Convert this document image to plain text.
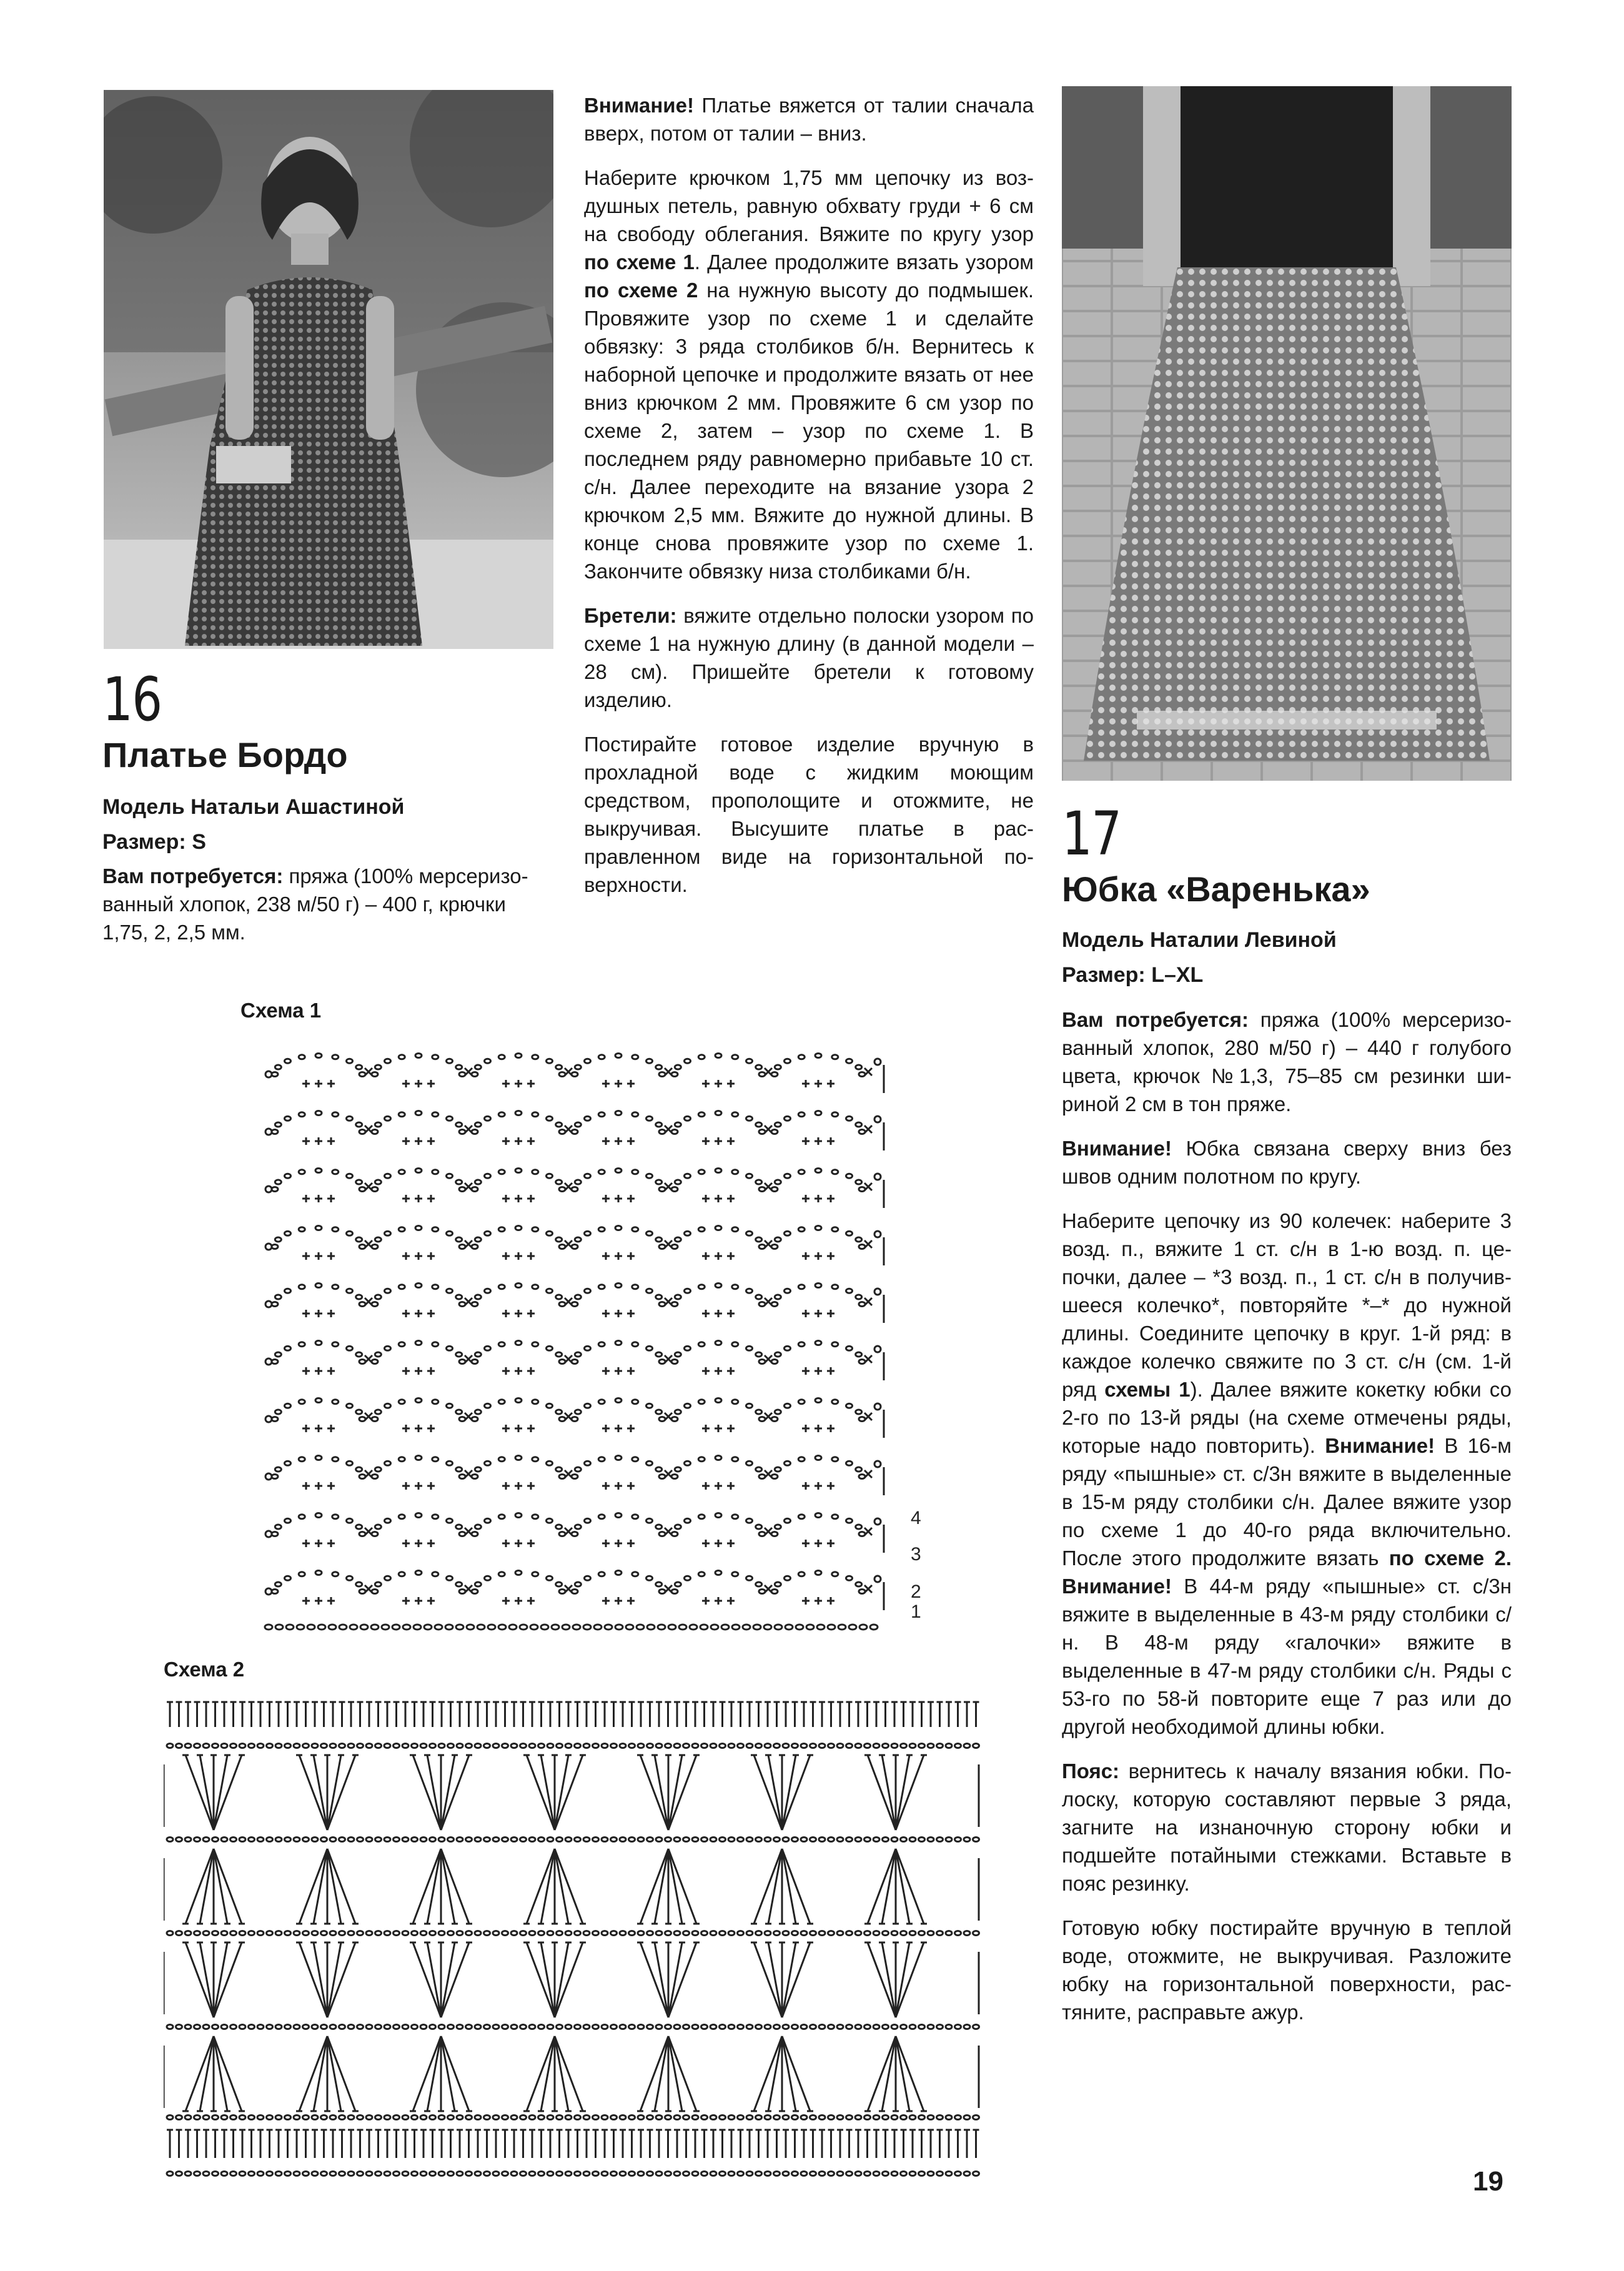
16
Платье Бордо
Модель Натальи Ашастиной
Размер: S
Вам потребуется: пряжа (100% мерсеризованный хлопок, 238 м/50 г) – 400 г, крючки 1,75, 2, 2,5 мм.

Внимание! Платье вяжется от талии сначала вверх, потом от талии – вниз.

Наберите крючком 1,75 мм цепочку из воздушных петель, равную обхвату груди + 6 см на свободу облегания. Вяжите по кругу узор по схеме 1. Далее продолжите вязать узором по схеме 2 на нужную высоту до подмышек. Провяжите узор по схеме 1 и сделайте обвязку: 3 ряда столбиков б/н. Вернитесь к наборной цепочке и продолжите вязать от нее вниз крючком 2 мм. Провяжите 6 см узор по схеме 2, затем – узор по схеме 1. В последнем ряду равномерно прибавьте 10 ст. с/н. Далее переходите на вязание узора 2 крючком 2,5 мм. Вяжите до нужной длины. В конце снова провяжите узор по схеме 1. Закончите обвязку низа столбиками б/н.

Бретели: вяжите отдельно полоски узором по схеме 1 на нужную длину (в данной модели – 28 см). Пришейте бретели к готовому изделию.

Постирайте готовое изделие вручную в прохладной воде с жидким моющим средством, прополощите и отожмите, не выкручивая. Высушите платье в расправленном виде на горизонтальной поверхности.

17
Юбка «Варенька»
Модель Наталии Левиной
Размер: L–XL

Вам потребуется: пряжа (100% мерсеризованный хлопок, 280 м/50 г) – 440 г голубого цвета, крючок №1,3, 75–85 см резинки шириной 2 см в тон пряже.

Внимание! Юбка связана сверху вниз без швов одним полотном по кругу.

Наберите цепочку из 90 колечек: наберите 3 возд. п., вяжите 1 ст. с/н в 1-ю возд. п. цепочки, далее – *3 возд. п., 1 ст. с/н в получившееся колечко*, повторяйте *–* до нужной длины. Соедините цепочку в круг. 1-й ряд: в каждое колечко свяжите по 3 ст. с/н (см. 1-й ряд схемы 1). Далее вяжите кокетку юбки со 2-го по 13-й ряды (на схеме отмечены ряды, которые надо повторить). Внимание! В 16-м ряду «пышные» ст. с/3н вяжите в выделенные в 15-м ряду столбики с/н. Далее вяжите узор по схеме 1 до 40-го ряда включительно. После этого продолжите вязать по схеме 2. Внимание! В 44-м ряду «пышные» ст. с/3н вяжите в выделенные в 43-м ряду столбики с/н. В 48-м ряду «галочки» вяжите в выделенные в 47-м ряду столбики с/н. Ряды с 53-го по 58-й повторите еще 7 раз или до другой необходимой длины юбки.

Пояс: вернитесь к началу вязания юбки. Полоску, которую составляют первые 3 ряда, загните на изнаночную сторону юбки и подшейте потайными стежками. Вставьте в пояс резинку.

Готовую юбку постирайте вручную в теплой воде, отожмите, не выкручивая. Разложите юбку на горизонтальной поверхности, растяните, расправьте ажур.

Схема 1
4
3
2
1
Схема 2
19
